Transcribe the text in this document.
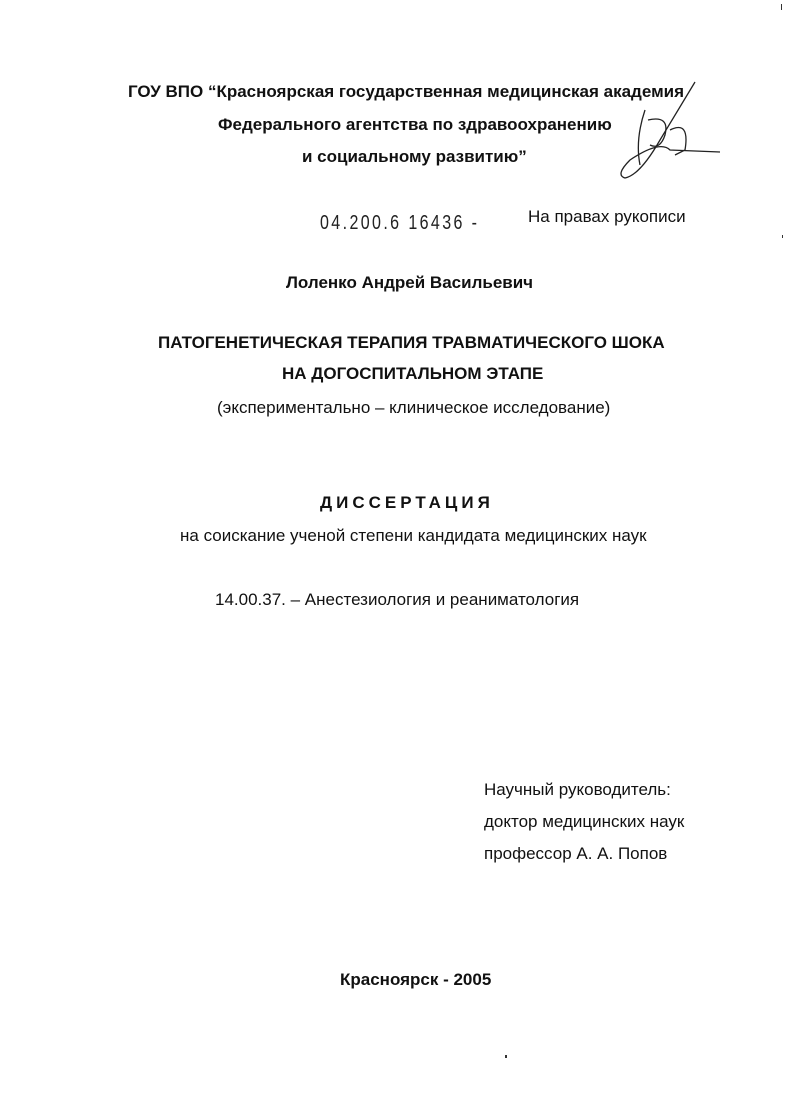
ГОУ ВПО “Красноярская государственная медицинская академия
Федерального агентства по здравоохранению
и социальному развитию”
04.200.6 16436 -	На правах рукописи
Лоленко Андрей Васильевич
ПАТОГЕНЕТИЧЕСКАЯ ТЕРАПИЯ ТРАВМАТИЧЕСКОГО ШОКА
НА ДОГОСПИТАЛЬНОМ ЭТАПЕ
(экспериментально – клиническое исследование)
ДИССЕРТАЦИЯ
на соискание ученой степени кандидата медицинских наук
14.00.37. – Анестезиология и реаниматология
Научный руководитель:
доктор медицинских наук
профессор А. А. Попов
Красноярск - 2005
